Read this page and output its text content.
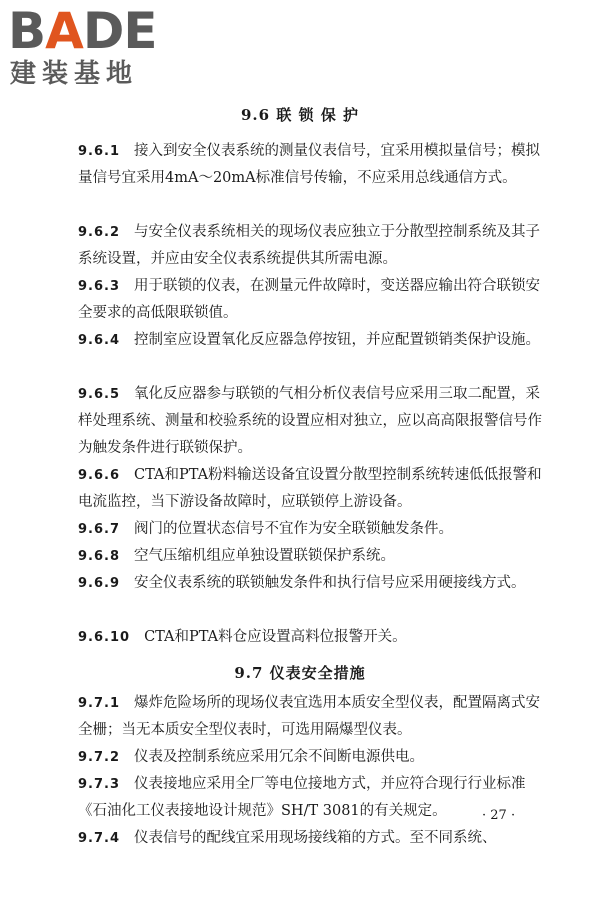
BADE
建装基地
9.6 联 锁 保 护
9.6.1 接入到安全仪表系统的测量仪表信号，宜采用模拟量信号；模拟量信号宜采用4mA～20mA标准信号传输，不应采用总线通信方式。
9.6.2 与安全仪表系统相关的现场仪表应独立于分散型控制系统及其子系统设置，并应由安全仪表系统提供其所需电源。
9.6.3 用于联锁的仪表，在测量元件故障时，变送器应输出符合联锁安全要求的高低限联锁值。
9.6.4 控制室应设置氧化反应器急停按钮，并应配置锁销类保护设施。
9.6.5 氧化反应器参与联锁的气相分析仪表信号应采用三取二配置，采样处理系统、测量和校验系统的设置应相对独立，应以高高限报警信号作为触发条件进行联锁保护。
9.6.6 CTA和PTA粉料输送设备宜设置分散型控制系统转速低低报警和电流监控，当下游设备故障时，应联锁停上游设备。
9.6.7 阀门的位置状态信号不宜作为安全联锁触发条件。
9.6.8 空气压缩机组应单独设置联锁保护系统。
9.6.9 安全仪表系统的联锁触发条件和执行信号应采用硬接线方式。
9.6.10 CTA和PTA料仓应设置高料位报警开关。
9.7 仪表安全措施
9.7.1 爆炸危险场所的现场仪表宜选用本质安全型仪表，配置隔离式安全栅；当无本质安全型仪表时，可选用隔爆型仪表。
9.7.2 仪表及控制系统应采用冗余不间断电源供电。
9.7.3 仪表接地应采用全厂等电位接地方式，并应符合现行行业标准《石油化工仪表接地设计规范》SH/T 3081的有关规定。
9.7.4 仪表信号的配线宜采用现场接线箱的方式。至不同系统、
· 27 ·
